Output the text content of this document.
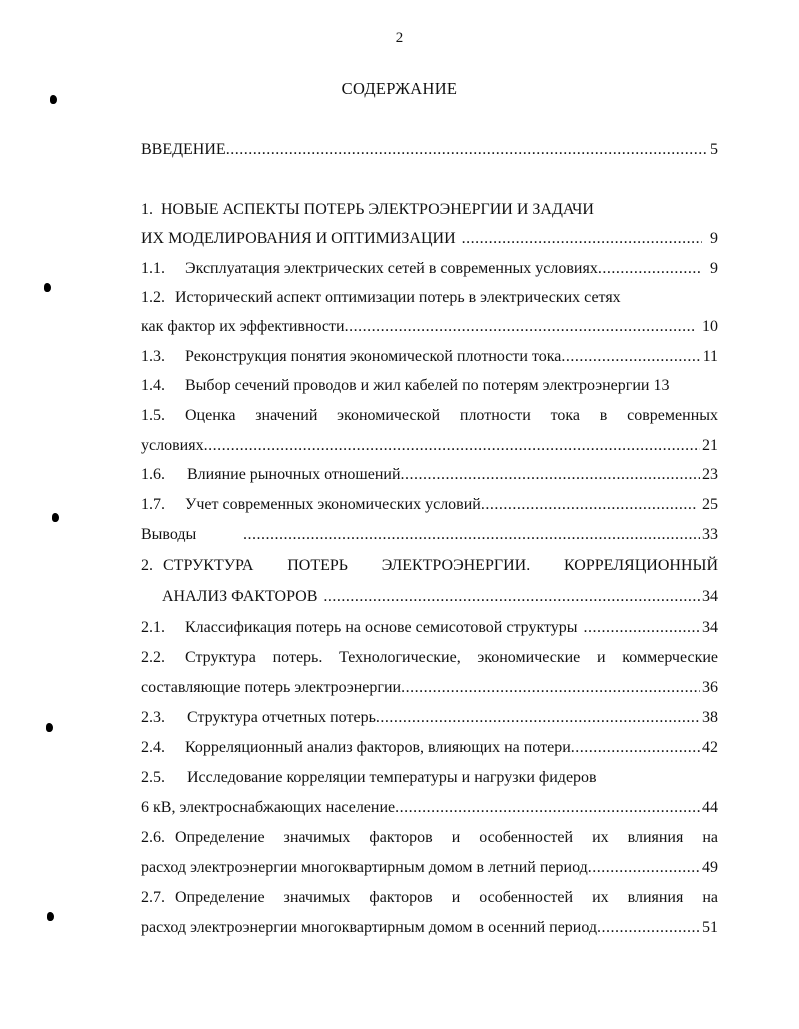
2
СОДЕРЖАНИЕ
ВВЕДЕНИЕ .....	5
1. НОВЫЕ АСПЕКТЫ ПОТЕРЬ ЭЛЕКТРОЭНЕРГИИ И ЗАДАЧИ
ИХ МОДЕЛИРОВАНИЯ И ОПТИМИЗАЦИИ .....	9
1.1.	Эксплуатация электрических сетей в современных условиях .....	9
1.2. Исторический аспект оптимизации потерь в электрических сетях
как фактор их эффективности .....	10
1.3.	Реконструкция понятия экономической плотности тока .....	11
1.4.	Выбор сечений проводов и жил кабелей по потерям электроэнергии 13
1.5.	Оценка значений экономической плотности тока в современных
условиях .....	21
1.6.	Влияние рыночных отношений .....	23
1.7.	Учет современных экономических условий .....	25
Выводы .....	33
2. СТРУКТУРА ПОТЕРЬ ЭЛЕКТРОЭНЕРГИИ. КОРРЕЛЯЦИОННЫЙ
АНАЛИЗ ФАКТОРОВ .....	34
2.1.	Классификация потерь на основе семисотовой структуры .....	34
2.2.	Структура потерь. Технологические, экономические и коммерческие
составляющие потерь электроэнергии .....	36
2.3.	Структура отчетных потерь .....	38
2.4.	Корреляционный анализ факторов, влияющих на потери .....	42
2.5.	Исследование корреляции температуры и нагрузки фидеров
6 кВ, электроснабжающих население .....	44
2.6. Определение значимых факторов и особенностей их влияния на
расход электроэнергии многоквартирным домом в летний период .....	49
2.7. Определение значимых факторов и особенностей их влияния на
расход электроэнергии многоквартирным домом в осенний период .....	51
